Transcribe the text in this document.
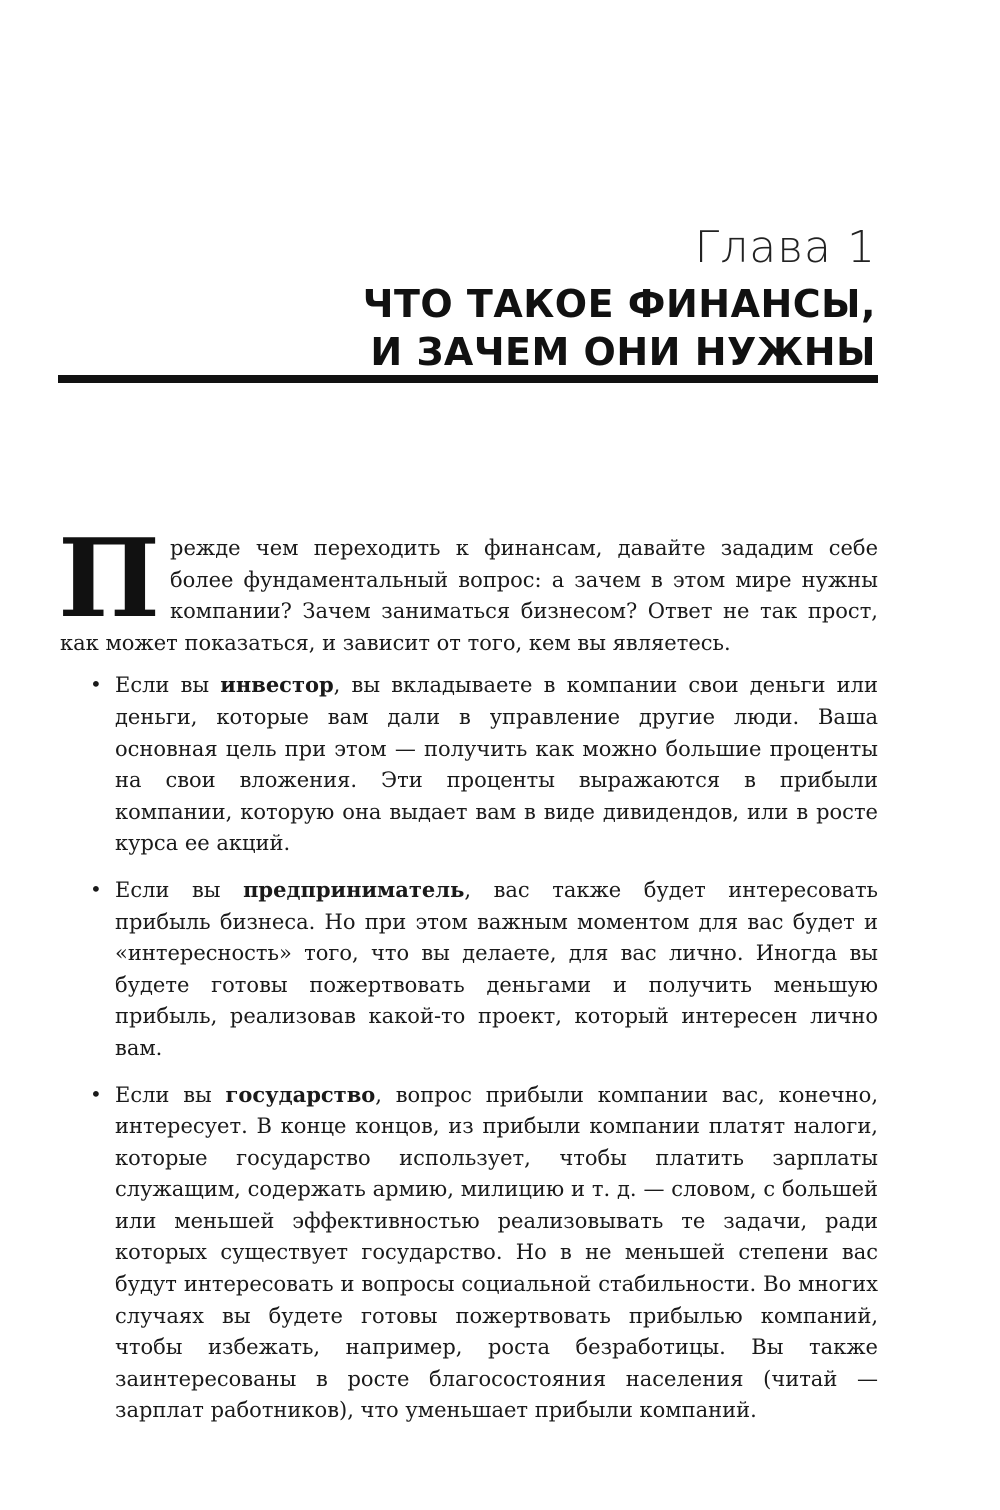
Глава 1
ЧТО ТАКОЕ ФИНАНСЫ,
И ЗАЧЕМ ОНИ НУЖНЫ

Прежде чем переходить к финансам, давайте зададим себе более фундаментальный вопрос: а зачем в этом мире нужны компании? Зачем заниматься бизнесом? Ответ не так прост, как может показаться, и зависит от того, кем вы являетесь.

• Если вы инвестор, вы вкладываете в компании свои деньги или деньги, которые вам дали в управление другие люди. Ваша основная цель при этом — получить как можно большие проценты на свои вложения. Эти проценты выражаются в прибыли компании, которую она выдает вам в виде дивидендов, или в росте курса ее акций.
• Если вы предприниматель, вас также будет интересовать прибыль бизнеса. Но при этом важным моментом для вас будет и «интересность» того, что вы делаете, для вас лично. Иногда вы будете готовы пожертвовать деньгами и получить меньшую прибыль, реализовав какой-то проект, который интересен лично вам.
• Если вы государство, вопрос прибыли компании вас, конечно, интересует. В конце концов, из прибыли компании платят налоги, которые государство использует, чтобы платить зарплаты служащим, содержать армию, милицию и т. д. — словом, с большей или меньшей эффективностью реализовывать те задачи, ради которых существует государство. Но в не меньшей степени вас будут интересовать и вопросы социальной стабильности. Во многих случаях вы будете готовы пожертвовать прибылью компаний, чтобы избежать, например, роста безработицы. Вы также заинтересованы в росте благосостояния населения (читай — зарплат работников), что уменьшает прибыли компаний.
